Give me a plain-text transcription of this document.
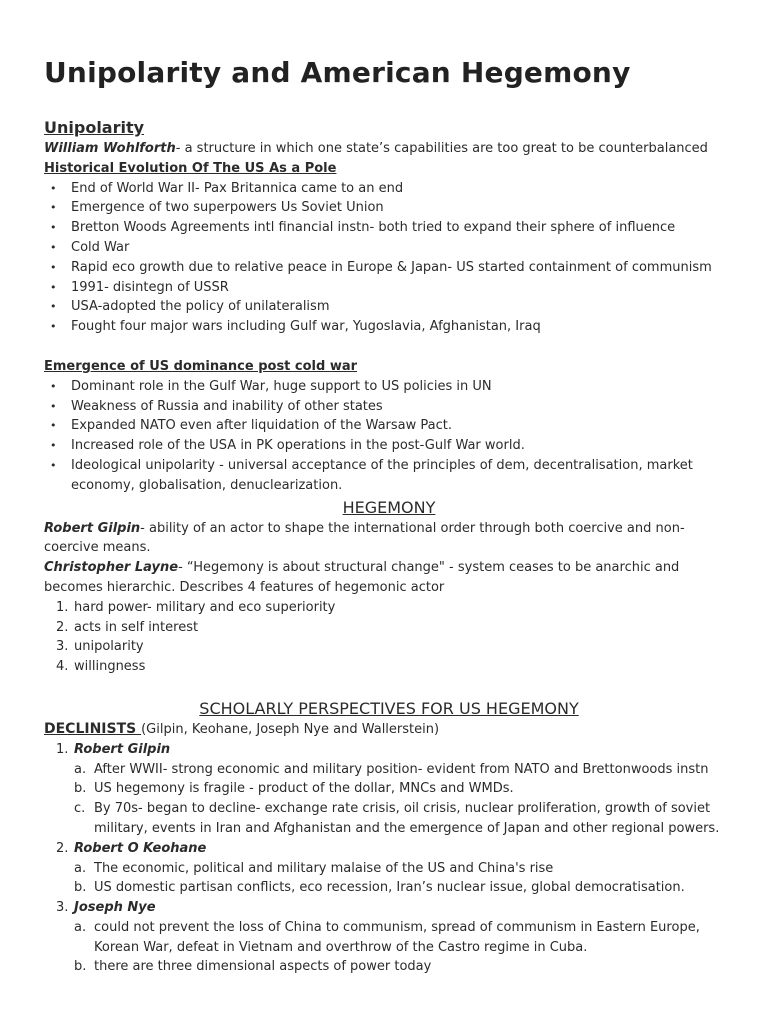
Unipolarity and American Hegemony
Unipolarity

William Wohlforth- a structure in which one state’s capabilities are too great to be counterbalanced

Historical Evolution Of The US As a Pole

• End of World War II- Pax Britannica came to an end
• Emergence of two superpowers Us Soviet Union
• Bretton Woods Agreements intl financial instn- both tried to expand their sphere of influence
• Cold War
• Rapid eco growth due to relative peace in Europe & Japan- US started containment of communism
• 1991- disintegn of USSR
• USA-adopted the policy of unilateralism
• Fought four major wars including Gulf war, Yugoslavia, Afghanistan, Iraq

Emergence of US dominance post cold war

• Dominant role in the Gulf War, huge support to US policies in UN
• Weakness of Russia and inability of other states
• Expanded NATO even after liquidation of the Warsaw Pact.
• Increased role of the USA in PK operations in the post-Gulf War world.
• Ideological unipolarity - universal acceptance of the principles of dem, decentralisation, market economy, globalisation, denuclearization.
HEGEMONY

Robert Gilpin- ability of an actor to shape the international order through both coercive and non-coercive means.

Christopher Layne- “Hegemony is about structural change" - system ceases to be anarchic and becomes hierarchic. Describes 4 features of hegemonic actor

1. hard power- military and eco superiority
2. acts in self interest
3. unipolarity
4. willingness
SCHOLARLY PERSPECTIVES FOR US HEGEMONY

DECLINISTS (Gilpin, Keohane, Joseph Nye and Wallerstein)

1. Robert Gilpin
a. After WWII- strong economic and military position- evident from NATO and Brettonwoods instn
b. US hegemony is fragile - product of the dollar, MNCs and WMDs.
c. By 70s- began to decline- exchange rate crisis, oil crisis, nuclear proliferation, growth of soviet military, events in Iran and Afghanistan and the emergence of Japan and other regional powers.
2. Robert O Keohane
a. The economic, political and military malaise of the US and China's rise
b. US domestic partisan conflicts, eco recession, Iran’s nuclear issue, global democratisation.
3. Joseph Nye
a. could not prevent the loss of China to communism, spread of communism in Eastern Europe, Korean War, defeat in Vietnam and overthrow of the Castro regime in Cuba.
b. there are three dimensional aspects of power today
